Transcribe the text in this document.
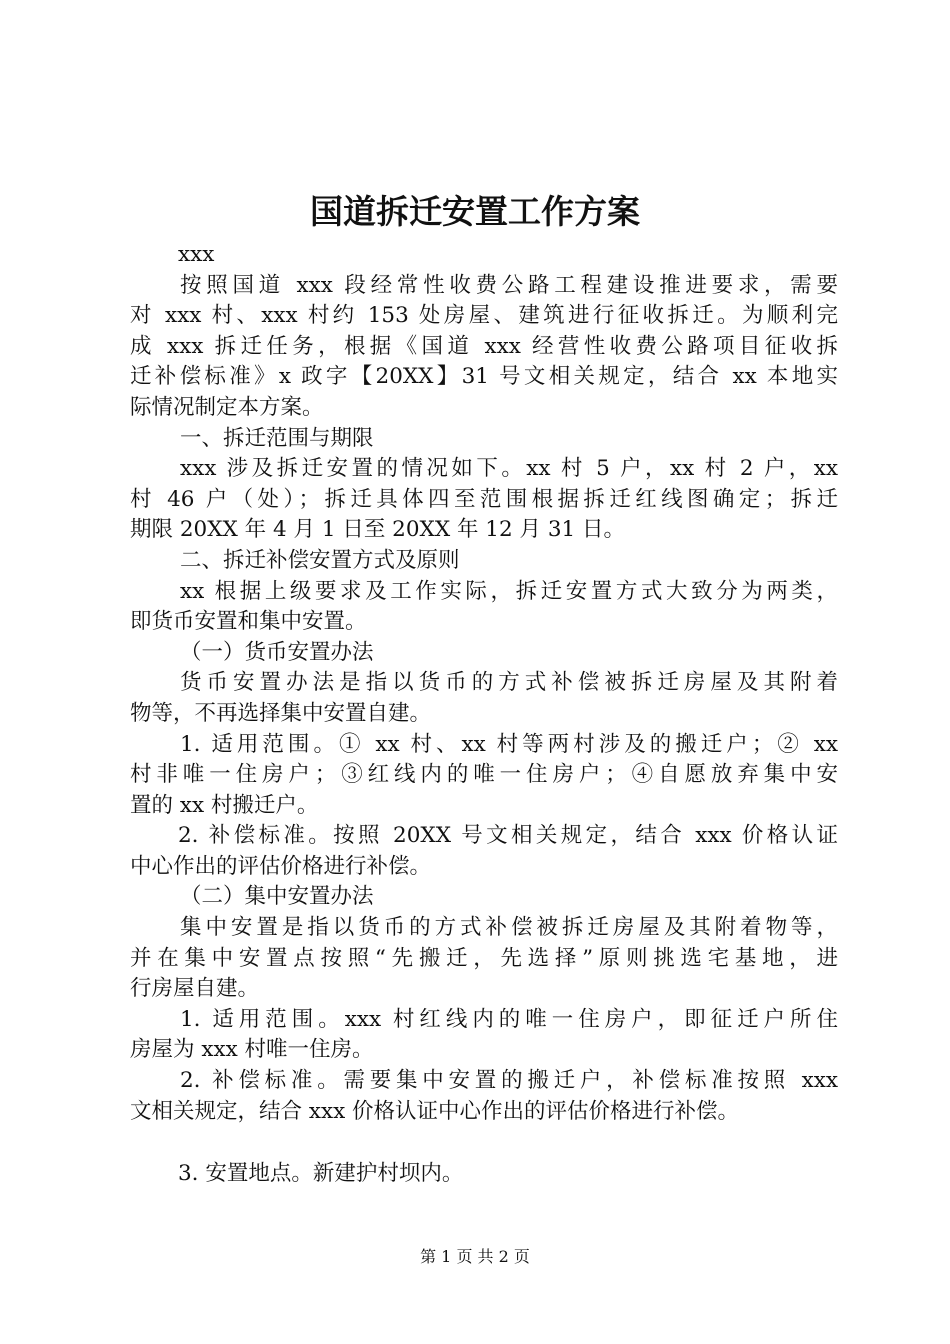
国道拆迁安置工作方案
xxx
按照国道 xxx 段经常性收费公路工程建设推进要求，需要
对 xxx 村、xxx 村约 153 处房屋、建筑进行征收拆迁。为顺利完
成 xxx 拆迁任务，根据《国道 xxx 经营性收费公路项目征收拆
迁补偿标准》x 政字【20XX】31 号文相关规定，结合 xx 本地实
际情况制定本方案。
一、拆迁范围与期限
xxx 涉及拆迁安置的情况如下。xx 村 5 户，xx 村 2 户，xx
村 46 户（处）；拆迁具体四至范围根据拆迁红线图确定；拆迁
期限 20XX 年 4 月 1 日至 20XX 年 12 月 31 日。
二、拆迁补偿安置方式及原则
xx 根据上级要求及工作实际，拆迁安置方式大致分为两类，
即货币安置和集中安置。
（一）货币安置办法
货币安置办法是指以货币的方式补偿被拆迁房屋及其附着
物等，不再选择集中安置自建。
1. 适用范围。① xx 村、xx 村等两村涉及的搬迁户；② xx
村非唯一住房户；③红线内的唯一住房户；④自愿放弃集中安
置的 xx 村搬迁户。
2. 补偿标准。按照 20XX 号文相关规定，结合 xxx 价格认证
中心作出的评估价格进行补偿。
（二）集中安置办法
集中安置是指以货币的方式补偿被拆迁房屋及其附着物等，
并在集中安置点按照“先搬迁，先选择”原则挑选宅基地，进
行房屋自建。
1. 适用范围。xxx 村红线内的唯一住房户，即征迁户所住
房屋为 xxx 村唯一住房。
2. 补偿标准。需要集中安置的搬迁户，补偿标准按照 xxx
文相关规定，结合 xxx 价格认证中心作出的评估价格进行补偿。
3. 安置地点。新建护村坝内。
第 1 页 共 2 页
